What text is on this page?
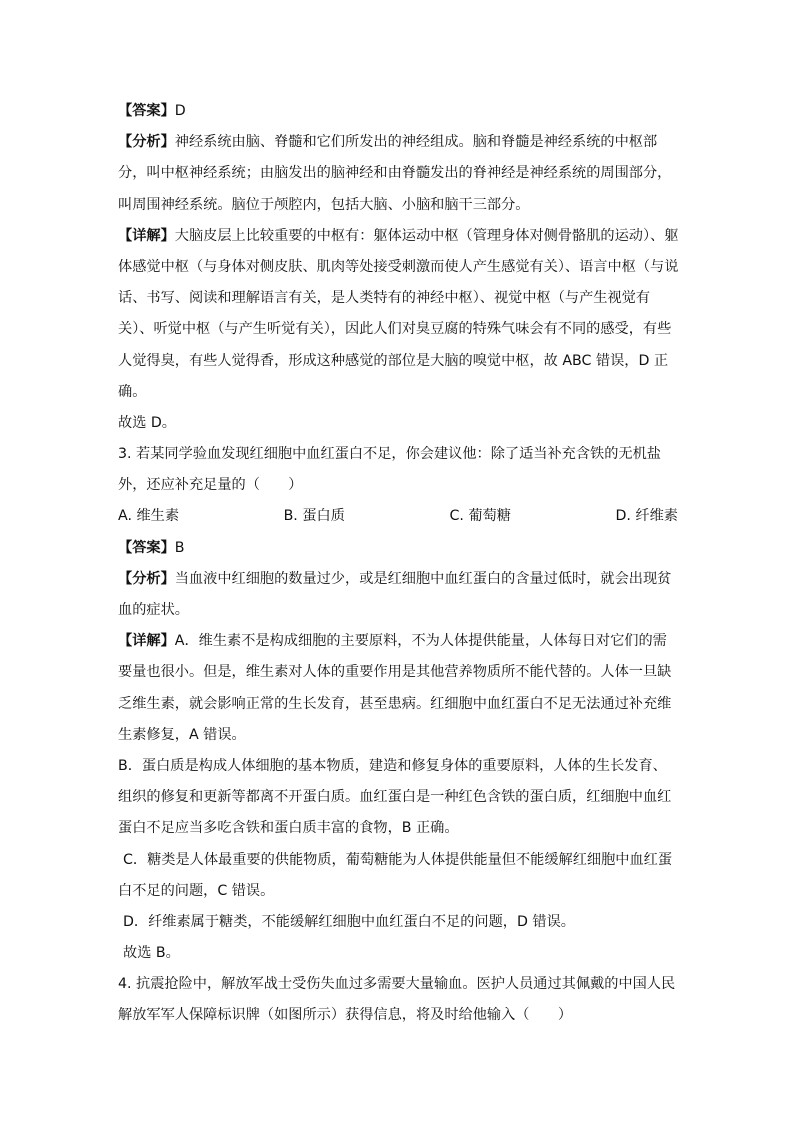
【答案】D
【分析】神经系统由脑、脊髓和它们所发出的神经组成。脑和脊髓是神经系统的中枢部
分，叫中枢神经系统；由脑发出的脑神经和由脊髓发出的脊神经是神经系统的周围部分，
叫周围神经系统。脑位于颅腔内，包括大脑、小脑和脑干三部分。
【详解】大脑皮层上比较重要的中枢有：躯体运动中枢（管理身体对侧骨骼肌的运动）、躯
体感觉中枢（与身体对侧皮肤、肌肉等处接受刺激而使人产生感觉有关）、语言中枢（与说
话、书写、阅读和理解语言有关，是人类特有的神经中枢）、视觉中枢（与产生视觉有
关）、听觉中枢（与产生听觉有关），因此人们对臭豆腐的特殊气味会有不同的感受，有些
人觉得臭，有些人觉得香，形成这种感觉的部位是大脑的嗅觉中枢，故 ABC 错误，D 正
确。
故选 D。
3. 若某同学验血发现红细胞中血红蛋白不足，你会建议他：除了适当补充含铁的无机盐
外，还应补充足量的（　　）
A. 维生素	B. 蛋白质	C. 葡萄糖	D. 纤维素
【答案】B
【分析】当血液中红细胞的数量过少，或是红细胞中血红蛋白的含量过低时，就会出现贫
血的症状。
【详解】A．维生素不是构成细胞的主要原料，不为人体提供能量，人体每日对它们的需
要量也很小。但是，维生素对人体的重要作用是其他营养物质所不能代替的。人体一旦缺
乏维生素，就会影响正常的生长发育，甚至患病。红细胞中血红蛋白不足无法通过补充维
生素修复，A 错误。
B．蛋白质是构成人体细胞的基本物质，建造和修复身体的重要原料，人体的生长发育、
组织的修复和更新等都离不开蛋白质。血红蛋白是一种红色含铁的蛋白质，红细胞中血红
蛋白不足应当多吃含铁和蛋白质丰富的食物，B 正确。
C．糖类是人体最重要的供能物质，葡萄糖能为人体提供能量但不能缓解红细胞中血红蛋
白不足的问题，C 错误。
D．纤维素属于糖类，不能缓解红细胞中血红蛋白不足的问题，D 错误。
故选 B。
4. 抗震抢险中，解放军战士受伤失血过多需要大量输血。医护人员通过其佩戴的中国人民
解放军军人保障标识牌（如图所示）获得信息，将及时给他输入（　　）
